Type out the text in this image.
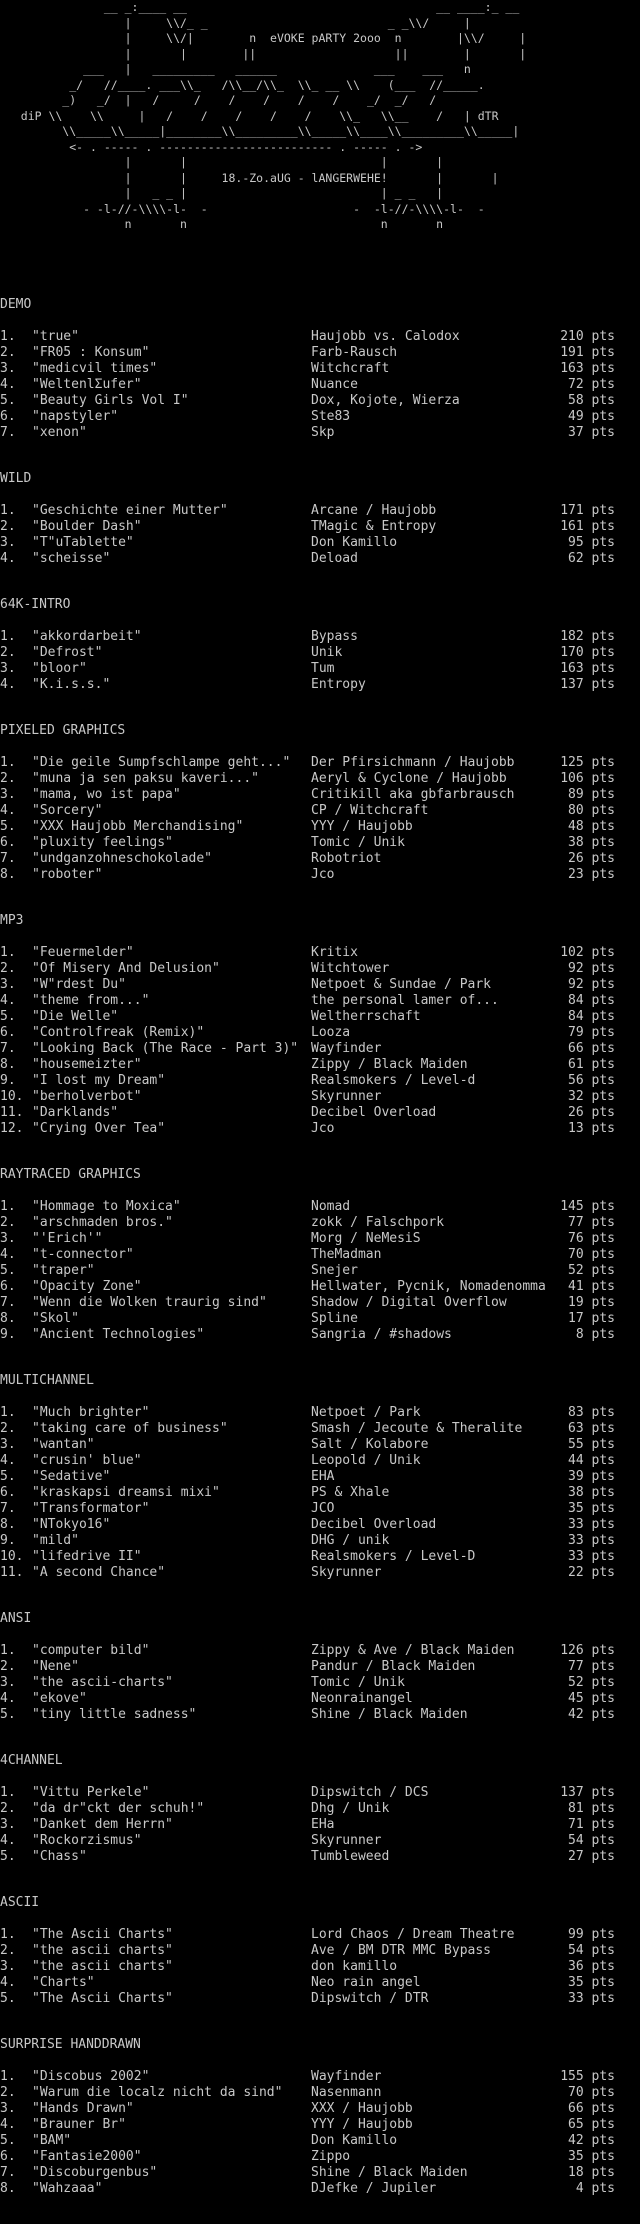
__ _:____ __                                    __ ____:_ __
|     \\/_ _                          _ _\\/     |
|     \\/|        n  eVOKE pARTY 2ooo  n        |\\/     |
|       |        ||                    ||        |       |
___   |   _________   ______              ___    ___   n
_/   //____. ___\\_   /\\__/\\_  \\_ __ \\    (___  //_____.
_)   _/  |   /     /    /    /    /    /    _/  _/   /
diP \\    \\     |   /    /    /    /    /    \\_   \\__    /   | dTR
\\_____\\_____|________\\_________\\_____\\____\\_________\\_____|
<- . ----- . ------------------------- . ----- . ->
|       |                            |       |
|       |     18.-Zo.aUG - lANGERWEHE!       |       |
|   _ _ |                            | _ _   |
- -l-//-\\\\-l-  -                     -  -l-//-\\\\-l-  -
n       n                            n       n
DEMO
1. "true"	Haujobb vs. Calodox	210 pts
2. "FR05 : Konsum"	Farb-Rausch	191 pts
3. "medicvil times"	Witchcraft	163 pts
4. "WeltenlΣufer"	Nuance	72 pts
5. "Beauty Girls Vol I"	Dox, Kojote, Wierza	58 pts
6. "napstyler"	Ste83	49 pts
7. "xenon"	Skp	37 pts
WILD
1. "Geschichte einer Mutter"	Arcane / Haujobb	171 pts
2. "Boulder Dash"	TMagic & Entropy	161 pts
3. "T"uTablette"	Don Kamillo	95 pts
4. "scheisse"	Deload	62 pts
64K-INTRO
1. "akkordarbeit"	Bypass	182 pts
2. "Defrost"	Unik	170 pts
3. "bloor"	Tum	163 pts
4. "K.i.s.s."	Entropy	137 pts
PIXELED GRAPHICS
1. "Die geile Sumpfschlampe geht..." Der Pfirsichmann / Haujobb	125 pts
2. "muna ja sen paksu kaveri..."	Aeryl & Cyclone / Haujobb	106 pts
3. "mama, wo ist papa"	Critikill aka gbfarbrausch	89 pts
4. "Sorcery"	CP / Witchcraft	80 pts
5. "XXX Haujobb Merchandising"	YYY / Haujobb	48 pts
6. "pluxity feelings"	Tomic / Unik	38 pts
7. "undganzohneschokolade"	Robotriot	26 pts
8. "roboter"	Jco	23 pts
MP3
1. "Feuermelder"	Kritix	102 pts
2. "Of Misery And Delusion"	Witchtower	92 pts
3. "W"rdest Du"	Netpoet & Sundae / Park	92 pts
4. "theme from..."	the personal lamer of...	84 pts
5. "Die Welle"	Weltherrschaft	84 pts
6. "Controlfreak (Remix)"	Looza	79 pts
7. "Looking Back (The Race - Part 3)" Wayfinder	66 pts
8. "housemeizter"	Zippy / Black Maiden	61 pts
9. "I lost my Dream"	Realsmokers / Level-d	56 pts
10. "berholverbot"	Skyrunner	32 pts
11. "Darklands"	Decibel Overload	26 pts
12. "Crying Over Tea"	Jco	13 pts
RAYTRACED GRAPHICS
1. "Hommage to Moxica"	Nomad	145 pts
2. "arschmaden bros."	zokk / Falschpork	77 pts
3. "'Erich'"	Morg / NeMesiS	76 pts
4. "t-connector"	TheMadman	70 pts
5. "traper"	Snejer	52 pts
6. "Opacity Zone"	Hellwater, Pycnik, Nomadenomma 41 pts
7. "Wenn die Wolken traurig sind"	Shadow / Digital Overflow	19 pts
8. "Skol"	Spline	17 pts
9. "Ancient Technologies"	Sangria / #shadows	8 pts
MULTICHANNEL
1. "Much brighter"	Netpoet / Park	83 pts
2. "taking care of business"	Smash / Jecoute & Theralite	63 pts
3. "wantan"	Salt / Kolabore	55 pts
4. "crusin' blue"	Leopold / Unik	44 pts
5. "Sedative"	EHA	39 pts
6. "kraskapsi dreamsi mixi"	PS & Xhale	38 pts
7. "Transformator"	JCO	35 pts
8. "NTokyo16"	Decibel Overload	33 pts
9. "mild"	DHG / unik	33 pts
10. "lifedrive II"	Realsmokers / Level-D	33 pts
11. "A second Chance"	Skyrunner	22 pts
ANSI
1. "computer bild"	Zippy & Ave / Black Maiden	126 pts
2. "Nene"	Pandur / Black Maiden	77 pts
3. "the ascii-charts"	Tomic / Unik	52 pts
4. "ekove"	Neonrainangel	45 pts
5. "tiny little sadness"	Shine / Black Maiden	42 pts
4CHANNEL
1. "Vittu Perkele"	Dipswitch / DCS	137 pts
2. "da dr"ckt der schuh!"	Dhg / Unik	81 pts
3. "Danket dem Herrn"	EHa	71 pts
4. "Rockorzismus"	Skyrunner	54 pts
5. "Chass"	Tumbleweed	27 pts
ASCII
1. "The Ascii Charts"	Lord Chaos / Dream Theatre	99 pts
2. "the ascii charts"	Ave / BM DTR MMC Bypass	54 pts
3. "the ascii charts"	don kamillo	36 pts
4. "Charts"	Neo rain angel	35 pts
5. "The Ascii Charts"	Dipswitch / DTR	33 pts
SURPRISE HANDDRAWN
1. "Discobus 2002"	Wayfinder	155 pts
2. "Warum die localz nicht da sind" Nasenmann	70 pts
3. "Hands Drawn"	XXX / Haujobb	66 pts
4. "Brauner Br"	YYY / Haujobb	65 pts
5. "BAM"	Don Kamillo	42 pts
6. "Fantasie2000"	Zippo	35 pts
7. "Discoburgenbus"	Shine / Black Maiden	18 pts
8. "Wahzaaa"	DJefke / Jupiler	4 pts
